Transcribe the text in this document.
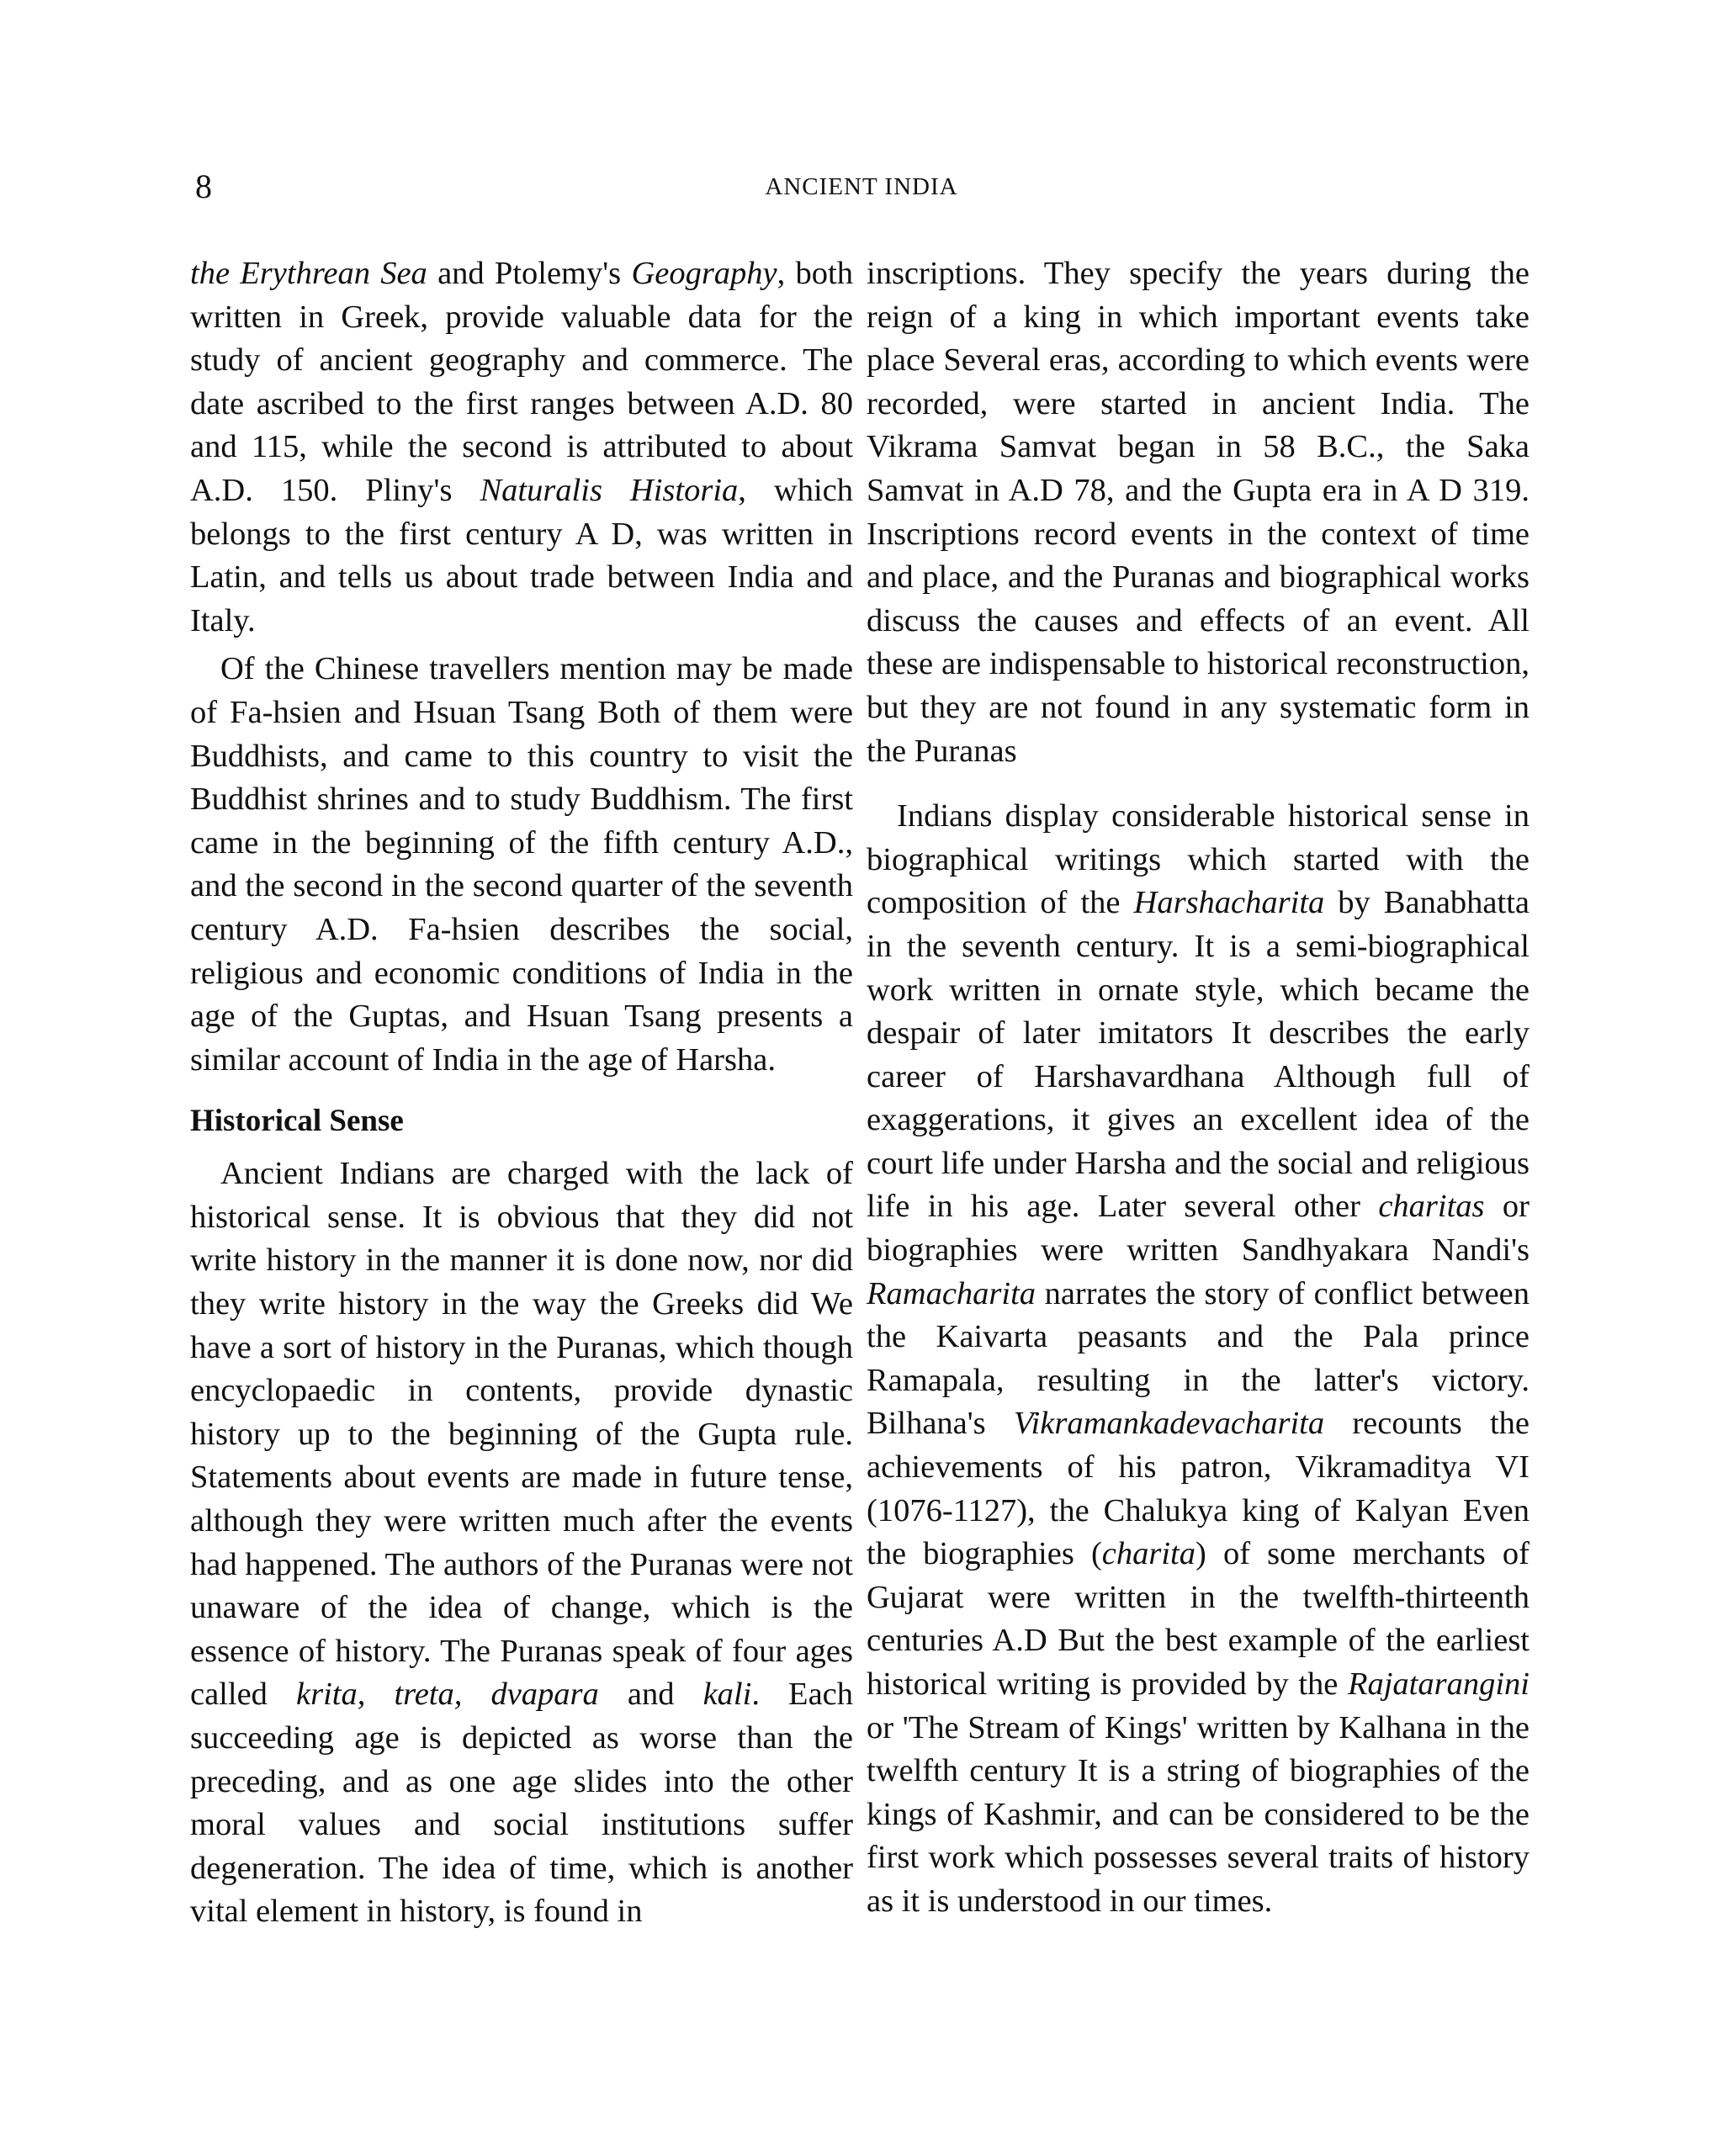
8	ANCIENT INDIA

the Erythrean Sea and Ptolemy's Geography, both written in Greek, provide valuable data for the study of ancient geography and commerce. The date ascribed to the first ranges between A.D. 80 and 115, while the second is attributed to about A.D. 150. Pliny's Naturalis Historia, which belongs to the first century A D, was written in Latin, and tells us about trade between India and Italy.

Of the Chinese travellers mention may be made of Fa-hsien and Hsuan Tsang Both of them were Buddhists, and came to this country to visit the Buddhist shrines and to study Buddhism. The first came in the beginning of the fifth century A.D., and the second in the second quarter of the seventh century A.D. Fa-hsien describes the social, religious and economic conditions of India in the age of the Guptas, and Hsuan Tsang presents a similar account of India in the age of Harsha.

Historical Sense

Ancient Indians are charged with the lack of historical sense. It is obvious that they did not write history in the manner it is done now, nor did they write history in the way the Greeks did We have a sort of history in the Puranas, which though encyclopaedic in contents, provide dynastic history up to the beginning of the Gupta rule. Statements about events are made in future tense, although they were written much after the events had happened. The authors of the Puranas were not unaware of the idea of change, which is the essence of history. The Puranas speak of four ages called krita, treta, dvapara and kali. Each succeeding age is depicted as worse than the preceding, and as one age slides into the other moral values and social institutions suffer degeneration. The idea of time, which is another vital element in history, is found in

inscriptions. They specify the years during the reign of a king in which important events take place Several eras, according to which events were recorded, were started in ancient India. The Vikrama Samvat began in 58 B.C., the Saka Samvat in A.D 78, and the Gupta era in A D 319. Inscriptions record events in the context of time and place, and the Puranas and biographical works discuss the causes and effects of an event. All these are indispensable to historical reconstruction, but they are not found in any systematic form in the Puranas

Indians display considerable historical sense in biographical writings which started with the composition of the Harshacharita by Banabhatta in the seventh century. It is a semi-biographical work written in ornate style, which became the despair of later imitators It describes the early career of Harshavardhana Although full of exaggerations, it gives an excellent idea of the court life under Harsha and the social and religious life in his age. Later several other charitas or biographies were written Sandhyakara Nandi's Ramacharita narrates the story of conflict between the Kaivarta peasants and the Pala prince Ramapala, resulting in the latter's victory. Bilhana's Vikramankadevacharita recounts the achievements of his patron, Vikramaditya VI (1076-1127), the Chalukya king of Kalyan Even the biographies (charita) of some merchants of Gujarat were written in the twelfth-thirteenth centuries A.D But the best example of the earliest historical writing is provided by the Rajatarangini or 'The Stream of Kings' written by Kalhana in the twelfth century It is a string of biographies of the kings of Kashmir, and can be considered to be the first work which possesses several traits of history as it is understood in our times.
